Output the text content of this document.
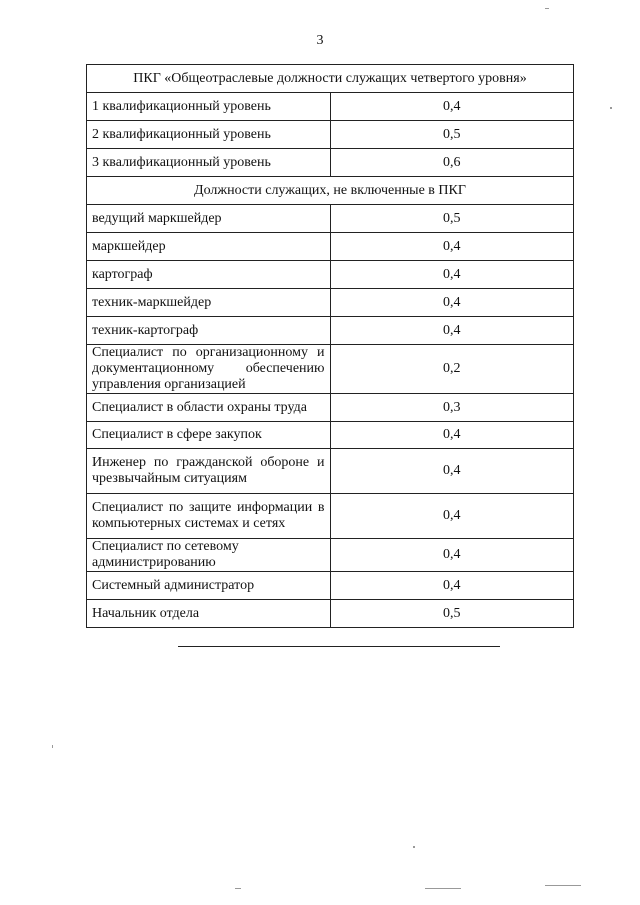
3
ПКГ «Общеотраслевые должности служащих четвертого уровня»	
1 квалификационный уровень	0,4
2 квалификационный уровень	0,5
3 квалификационный уровень	0,6
Должности служащих, не включенные в ПКГ	
ведущий маркшейдер	0,5
маркшейдер	0,4
картограф	0,4
техник-маркшейдер	0,4
техник-картограф	0,4
Специалист по организационному и документационному обеспечению управления организацией	0,2
Специалист в области охраны труда	0,3
Специалист в сфере закупок	0,4
Инженер по гражданской обороне и чрезвычайным ситуациям	0,4
Специалист по защите информации в компьютерных системах и сетях	0,4
Специалист по сетевому администрированию	0,4
Системный администратор	0,4
Начальник отдела	0,5
